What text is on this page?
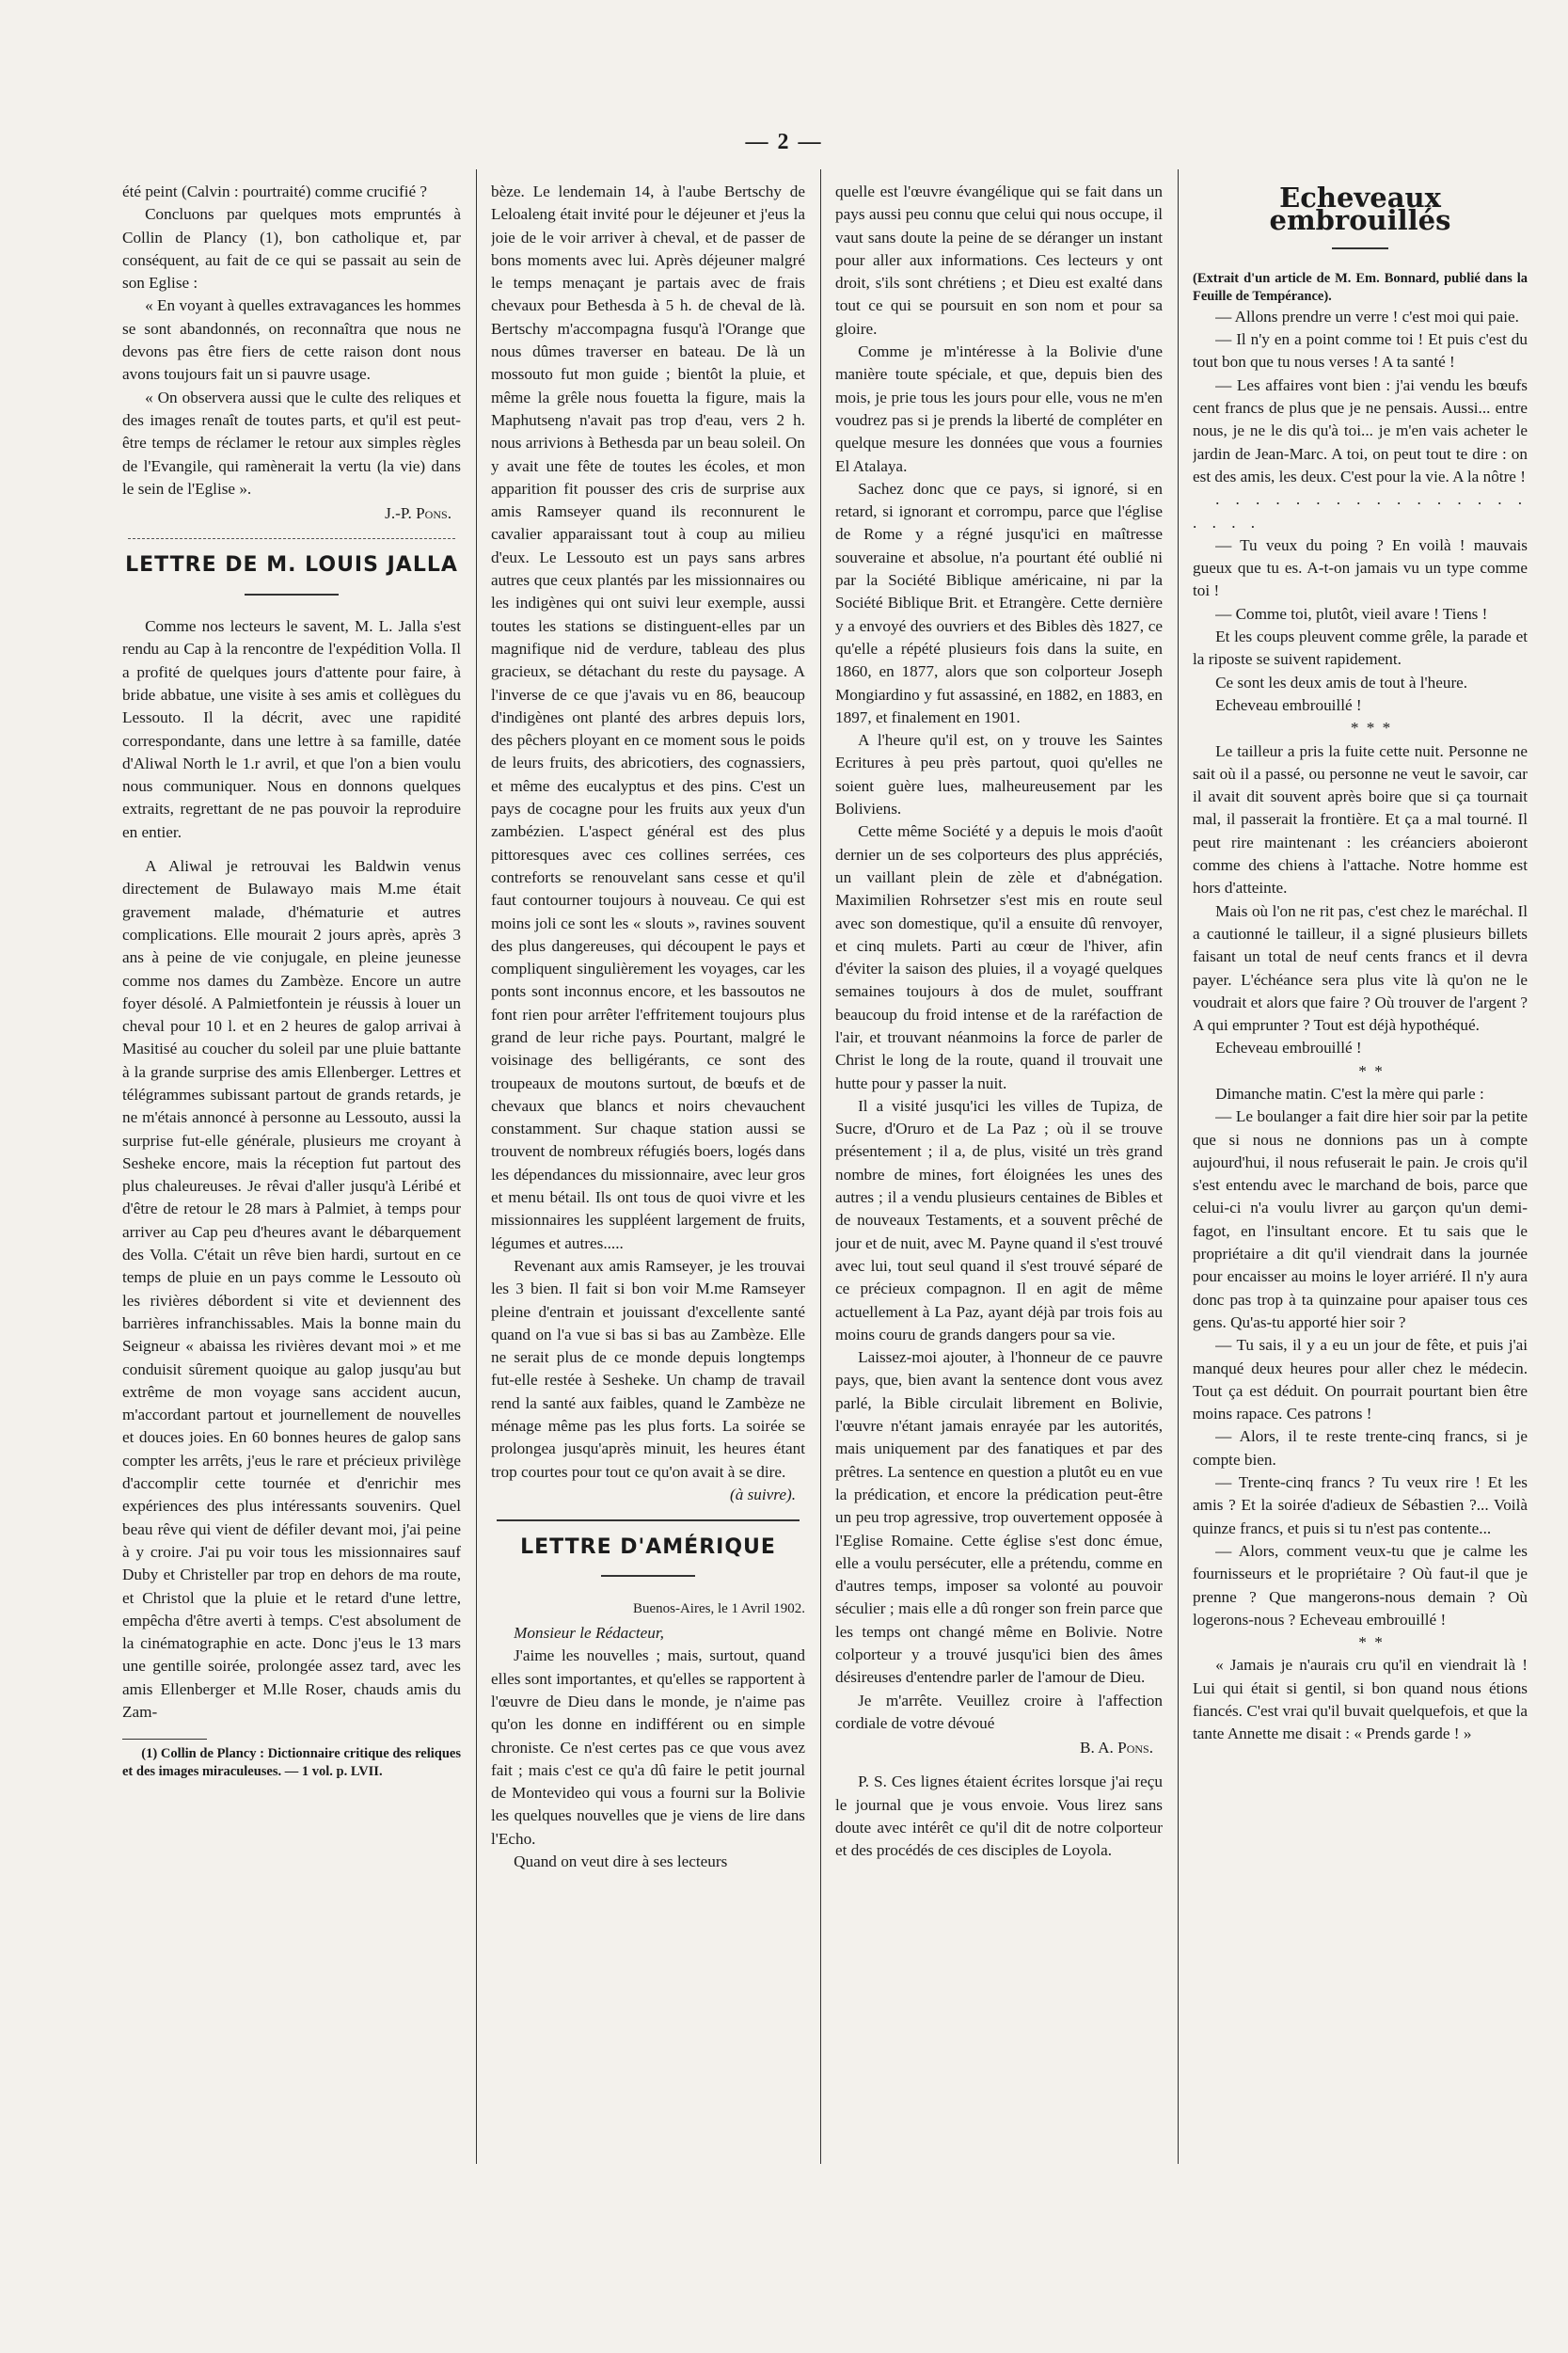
— 2 —

été peint (Calvin : pourtraité) comme crucifié ?

Concluons par quelques mots empruntés à Collin de Plancy (1), bon catholique et, par conséquent, au fait de ce qui se passait au sein de son Eglise :

« En voyant à quelles extravagances les hommes se sont abandonnés, on reconnaîtra que nous ne devons pas être fiers de cette raison dont nous avons toujours fait un si pauvre usage.

« On observera aussi que le culte des reliques et des images renaît de toutes parts, et qu'il est peut-être temps de réclamer le retour aux simples règles de l'Evangile, qui ramènerait la vertu (la vie) dans le sein de l'Eglise ».

J.-P. Pons.
LETTRE DE M. LOUIS JALLA

Comme nos lecteurs le savent, M. L. Jalla s'est rendu au Cap à la rencontre de l'expédition Volla. Il a profité de quelques jours d'attente pour faire, à bride abbatue, une visite à ses amis et collègues du Lessouto. Il la décrit, avec une rapidité correspondante, dans une lettre à sa famille, datée d'Aliwal North le 1.r avril, et que l'on a bien voulu nous communiquer. Nous en donnons quelques extraits, regrettant de ne pas pouvoir la reproduire en entier.

A Aliwal je retrouvai les Baldwin venus directement de Bulawayo mais M.me était gravement malade, d'hématurie et autres complications. Elle mourait 2 jours après, après 3 ans à peine de vie conjugale, en pleine jeunesse comme nos dames du Zambèze. Encore un autre foyer désolé. A Palmietfontein je réussis à louer un cheval pour 10 l. et en 2 heures de galop arrivai à Masitisé au coucher du soleil par une pluie battante à la grande surprise des amis Ellenberger. Lettres et télégrammes subissant partout de grands retards, je ne m'étais annoncé à personne au Lessouto, aussi la surprise fut-elle générale, plusieurs me croyant à Sesheke encore, mais la réception fut partout des plus chaleureuses. Je rêvai d'aller jusqu'à Léribé et d'être de retour le 28 mars à Palmiet, à temps pour arriver au Cap peu d'heures avant le débarquement des Volla. C'était un rêve bien hardi, surtout en ce temps de pluie en un pays comme le Lessouto où les rivières débordent si vite et deviennent des barrières infranchissables. Mais la bonne main du Seigneur « abaissa les rivières devant moi » et me conduisit sûrement quoique au galop jusqu'au but extrême de mon voyage sans accident aucun, m'accordant partout et journellement de nouvelles et douces joies. En 60 bonnes heures de galop sans compter les arrêts, j'eus le rare et précieux privilège d'accomplir cette tournée et d'enrichir mes expériences des plus intéressants souvenirs. Quel beau rêve qui vient de défiler devant moi, j'ai peine à y croire. J'ai pu voir tous les missionnaires sauf Duby et Christeller par trop en dehors de ma route, et Christol que la pluie et le retard d'une lettre, empêcha d'être averti à temps. C'est absolument de la cinématographie en acte. Donc j'eus le 13 mars une gentille soirée, prolongée assez tard, avec les amis Ellenberger et M.lle Roser, chauds amis du Zam-

(1) Collin de Plancy : Dictionnaire critique des reliques et des images miraculeuses. — 1 vol. p. LVII.

bèze. Le lendemain 14, à l'aube Bertschy de Leloaleng était invité pour le déjeuner et j'eus la joie de le voir arriver à cheval, et de passer de bons moments avec lui. Après déjeuner malgré le temps menaçant je partais avec de frais chevaux pour Bethesda à 5 h. de cheval de là. Bertschy m'accompagna fusqu'à l'Orange que nous dûmes traverser en bateau. De là un mossouto fut mon guide ; bientôt la pluie, et même la grêle nous fouetta la figure, mais la Maphutseng n'avait pas trop d'eau, vers 2 h. nous arrivions à Bethesda par un beau soleil. On y avait une fête de toutes les écoles, et mon apparition fit pousser des cris de surprise aux amis Ramseyer quand ils reconnurent le cavalier apparaissant tout à coup au milieu d'eux. Le Lessouto est un pays sans arbres autres que ceux plantés par les missionnaires ou les indigènes qui ont suivi leur exemple, aussi toutes les stations se distinguent-elles par un magnifique nid de verdure, tableau des plus gracieux, se détachant du reste du paysage. A l'inverse de ce que j'avais vu en 86, beaucoup d'indigènes ont planté des arbres depuis lors, des pêchers ployant en ce moment sous le poids de leurs fruits, des abricotiers, des cognassiers, et même des eucalyptus et des pins. C'est un pays de cocagne pour les fruits aux yeux d'un zambézien. L'aspect général est des plus pittoresques avec ces collines serrées, ces contreforts se renouvelant sans cesse et qu'il faut contourner toujours à nouveau. Ce qui est moins joli ce sont les « slouts », ravines souvent des plus dangereuses, qui découpent le pays et compliquent singulièrement les voyages, car les ponts sont inconnus encore, et les bassoutos ne font rien pour arrêter l'effritement toujours plus grand de leur riche pays. Pourtant, malgré le voisinage des belligérants, ce sont des troupeaux de moutons surtout, de bœufs et de chevaux que blancs et noirs chevauchent constamment. Sur chaque station aussi se trouvent de nombreux réfugiés boers, logés dans les dépendances du missionnaire, avec leur gros et menu bétail. Ils ont tous de quoi vivre et les missionnaires les suppléent largement de fruits, légumes et autres.....

Revenant aux amis Ramseyer, je les trouvai les 3 bien. Il fait si bon voir M.me Ramseyer pleine d'entrain et jouissant d'excellente santé quand on l'a vue si bas si bas au Zambèze. Elle ne serait plus de ce monde depuis longtemps fut-elle restée à Sesheke. Un champ de travail rend la santé aux faibles, quand le Zambèze ne ménage même pas les plus forts. La soirée se prolongea jusqu'après minuit, les heures étant trop courtes pour tout ce qu'on avait à se dire.

(à suivre).
LETTRE D'AMÉRIQUE
Buenos-Aires, le 1 Avril 1902.

Monsieur le Rédacteur,

J'aime les nouvelles ; mais, surtout, quand elles sont importantes, et qu'elles se rapportent à l'œuvre de Dieu dans le monde, je n'aime pas qu'on les donne en indifférent ou en simple chroniste. Ce n'est certes pas ce que vous avez fait ; mais c'est ce qu'a dû faire le petit journal de Montevideo qui vous a fourni sur la Bolivie les quelques nouvelles que je viens de lire dans l'Echo.

Quand on veut dire à ses lecteurs

quelle est l'œuvre évangélique qui se fait dans un pays aussi peu connu que celui qui nous occupe, il vaut sans doute la peine de se déranger un instant pour aller aux informations. Ces lecteurs y ont droit, s'ils sont chrétiens ; et Dieu est exalté dans tout ce qui se poursuit en son nom et pour sa gloire.

Comme je m'intéresse à la Bolivie d'une manière toute spéciale, et que, depuis bien des mois, je prie tous les jours pour elle, vous ne m'en voudrez pas si je prends la liberté de compléter en quelque mesure les données que vous a fournies El Atalaya.

Sachez donc que ce pays, si ignoré, si en retard, si ignorant et corrompu, parce que l'église de Rome y a régné jusqu'ici en maîtresse souveraine et absolue, n'a pourtant été oublié ni par la Société Biblique américaine, ni par la Société Biblique Brit. et Etrangère. Cette dernière y a envoyé des ouvriers et des Bibles dès 1827, ce qu'elle a répété plusieurs fois dans la suite, en 1860, en 1877, alors que son colporteur Joseph Mongiardino y fut assassiné, en 1882, en 1883, en 1897, et finalement en 1901.

A l'heure qu'il est, on y trouve les Saintes Ecritures à peu près partout, quoi qu'elles ne soient guère lues, malheureusement par les Boliviens.

Cette même Société y a depuis le mois d'août dernier un de ses colporteurs des plus appréciés, un vaillant plein de zèle et d'abnégation. Maximilien Rohrsetzer s'est mis en route seul avec son domestique, qu'il a ensuite dû renvoyer, et cinq mulets. Parti au cœur de l'hiver, afin d'éviter la saison des pluies, il a voyagé quelques semaines toujours à dos de mulet, souffrant beaucoup du froid intense et de la raréfaction de l'air, et trouvant néanmoins la force de parler de Christ le long de la route, quand il trouvait une hutte pour y passer la nuit.

Il a visité jusqu'ici les villes de Tupiza, de Sucre, d'Oruro et de La Paz ; où il se trouve présentement ; il a, de plus, visité un très grand nombre de mines, fort éloignées les unes des autres ; il a vendu plusieurs centaines de Bibles et de nouveaux Testaments, et a souvent prêché de jour et de nuit, avec M. Payne quand il s'est trouvé avec lui, tout seul quand il s'est trouvé séparé de ce précieux compagnon. Il en agit de même actuellement à La Paz, ayant déjà par trois fois au moins couru de grands dangers pour sa vie.

Laissez-moi ajouter, à l'honneur de ce pauvre pays, que, bien avant la sentence dont vous avez parlé, la Bible circulait librement en Bolivie, l'œuvre n'étant jamais enrayée par les autorités, mais uniquement par des fanatiques et par des prêtres. La sentence en question a plutôt eu en vue la prédication, et encore la prédication peut-être un peu trop agressive, trop ouvertement opposée à l'Eglise Romaine. Cette église s'est donc émue, elle a voulu persécuter, elle a prétendu, comme en d'autres temps, imposer sa volonté au pouvoir séculier ; mais elle a dû ronger son frein parce que les temps ont changé même en Bolivie. Notre colporteur y a trouvé jusqu'ici bien des âmes désireuses d'entendre parler de l'amour de Dieu.

Je m'arrête. Veuillez croire à l'affection cordiale de votre dévoué

B. A. Pons.

P. S. Ces lignes étaient écrites lorsque j'ai reçu le journal que je vous envoie. Vous lirez sans doute avec intérêt ce qu'il dit de notre colporteur et des procédés de ces disciples de Loyola.

Echeveaux embrouillés

(Extrait d'un article de M. Em. Bonnard, publié dans la Feuille de Tempérance).

— Allons prendre un verre ! c'est moi qui paie.

— Il n'y en a point comme toi ! Et puis c'est du tout bon que tu nous verses ! A ta santé !

— Les affaires vont bien : j'ai vendu les bœufs cent francs de plus que je ne pensais. Aussi... entre nous, je ne le dis qu'à toi... je m'en vais acheter le jardin de Jean-Marc. A toi, on peut tout te dire : on est des amis, les deux. C'est pour la vie. A la nôtre !

. . . . . . . . . . . . . . . . . . . .

— Tu veux du poing ? En voilà ! mauvais gueux que tu es. A-t-on jamais vu un type comme toi !

— Comme toi, plutôt, vieil avare ! Tiens !

Et les coups pleuvent comme grêle, la parade et la riposte se suivent rapidement.

Ce sont les deux amis de tout à l'heure.

Echeveau embrouillé !

* * *

Le tailleur a pris la fuite cette nuit. Personne ne sait où il a passé, ou personne ne veut le savoir, car il avait dit souvent après boire que si ça tournait mal, il passerait la frontière. Et ça a mal tourné. Il peut rire maintenant : les créanciers aboieront comme des chiens à l'attache. Notre homme est hors d'atteinte.

Mais où l'on ne rit pas, c'est chez le maréchal. Il a cautionné le tailleur, il a signé plusieurs billets faisant un total de neuf cents francs et il devra payer. L'échéance sera plus vite là qu'on ne le voudrait et alors que faire ? Où trouver de l'argent ? A qui emprunter ? Tout est déjà hypothéqué.

Echeveau embrouillé !

* *

Dimanche matin. C'est la mère qui parle :

— Le boulanger a fait dire hier soir par la petite que si nous ne donnions pas un à compte aujourd'hui, il nous refuserait le pain. Je crois qu'il s'est entendu avec le marchand de bois, parce que celui-ci n'a voulu livrer au garçon qu'un demi-fagot, en l'insultant encore. Et tu sais que le propriétaire a dit qu'il viendrait dans la journée pour encaisser au moins le loyer arriéré. Il n'y aura donc pas trop à ta quinzaine pour apaiser tous ces gens. Qu'as-tu apporté hier soir ?

— Tu sais, il y a eu un jour de fête, et puis j'ai manqué deux heures pour aller chez le médecin. Tout ça est déduit. On pourrait pourtant bien être moins rapace. Ces patrons !

— Alors, il te reste trente-cinq francs, si je compte bien.

— Trente-cinq francs ? Tu veux rire ! Et les amis ? Et la soirée d'adieux de Sébastien ?... Voilà quinze francs, et puis si tu n'est pas contente...

— Alors, comment veux-tu que je calme les fournisseurs et le propriétaire ? Où faut-il que je prenne ? Que mangerons-nous demain ? Où logerons-nous ? Echeveau embrouillé !

* *

« Jamais je n'aurais cru qu'il en viendrait là ! Lui qui était si gentil, si bon quand nous étions fiancés. C'est vrai qu'il buvait quelquefois, et que la tante Annette me disait : « Prends garde ! »
